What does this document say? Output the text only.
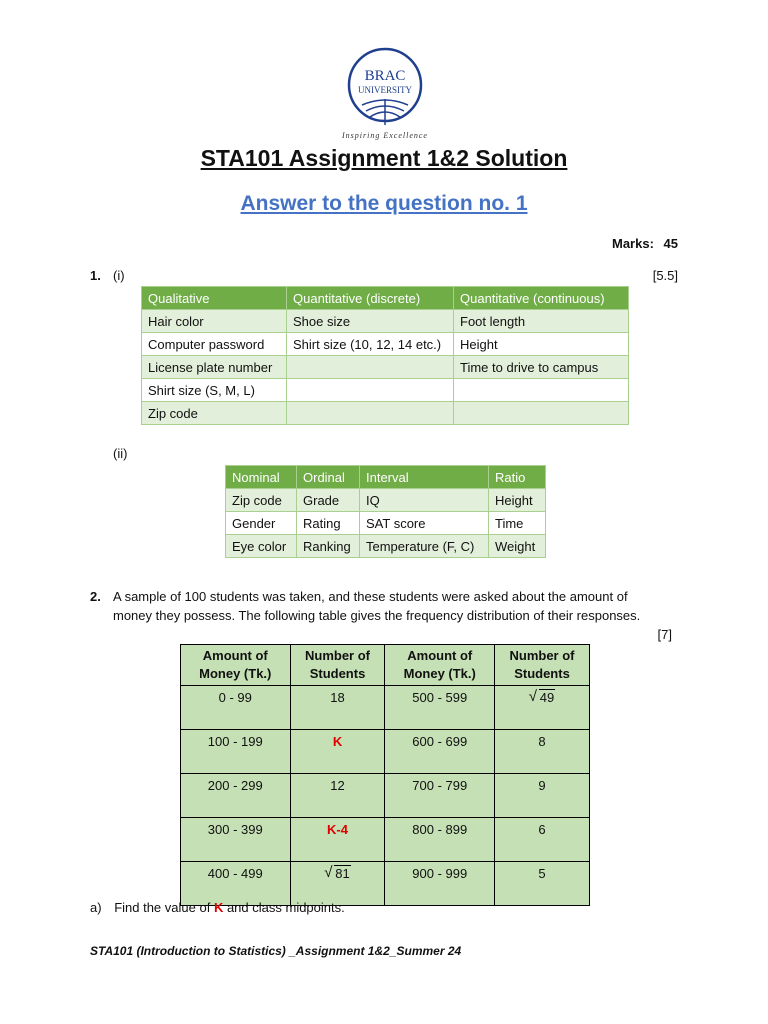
BRAC
UNIVERSITY
Inspiring Excellence
STA101 Assignment 1&2 Solution
Answer to the question no. 1
Marks: 45
1. (i)	[5.5]
Qualitative	Quantitative (discrete)	Quantitative (continuous)
Hair color	Shoe size	Foot length
Computer password	Shirt size (10, 12, 14 etc.)	Height
License plate number		Time to drive to campus
Shirt size (S, M, L)		
Zip code		
(ii)
Nominal	Ordinal	Interval	Ratio
Zip code	Grade	IQ	Height
Gender	Rating	SAT score	Time
Eye color	Ranking	Temperature (F, C)	Weight
2. A sample of 100 students was taken, and these students were asked about the amount of
money they possess. The following table gives the frequency distribution of their responses.
[7]
Amount of
Money (Tk.)	Number of
Students	Amount of
Money (Tk.)	Number of
Students
0 - 99	18	500 - 599	√ 49
100 - 199	K	600 - 699	8
200 - 299	12	700 - 799	9
300 - 399	K-4	800 - 899	6
400 - 499	√ 81	900 - 999	5
a) Find the value of K and class midpoints.
STA101 (Introduction to Statistics) _Assignment 1&2_Summer 24
